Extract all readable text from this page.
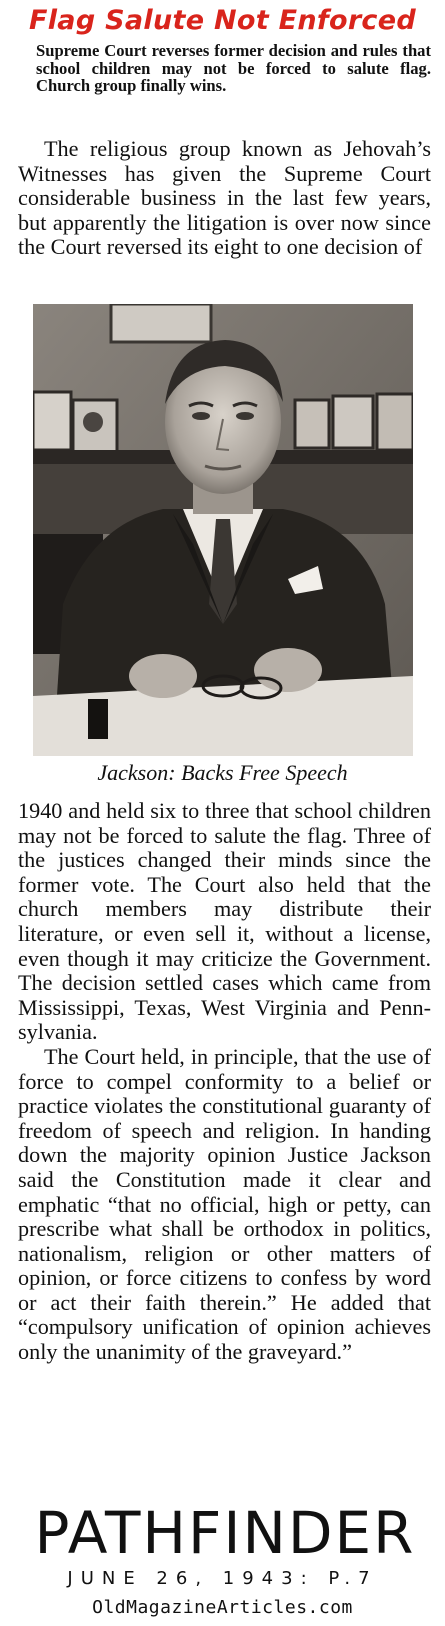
Flag Salute Not Enforced
Supreme Court reverses former decision and rules that school children may not be forced to salute flag. Church group finally wins.

The religious group known as Jehovah’s Witnesses has given the Supreme Court considerable business in the last few years, but apparently the litigation is over now since the Court reversed its eight to one decision of

Jackson: Backs Free Speech

1940 and held six to three that school children may not be forced to salute the flag. Three of the justices changed their minds since the former vote. The Court also held that the church members may distribute their literature, or even sell it, without a license, even though it may criticize the Government. The decision settled cases which came from Mississippi, Texas, West Virginia and Pennsylvania.

The Court held, in principle, that the use of force to compel conformity to a belief or practice violates the constitutional guaranty of freedom of speech and religion. In handing down the majority opinion Justice Jackson said the Constitution made it clear and emphatic “that no official, high or petty, can prescribe what shall be orthodox in politics, nationalism, religion or other matters of opinion, or force citizens to confess by word or act their faith therein.” He added that “compulsory unification of opinion achieves only the unanimity of the graveyard.”

PATHFINDER
JUNE 26, 1943: P.7
OldMagazineArticles.com
